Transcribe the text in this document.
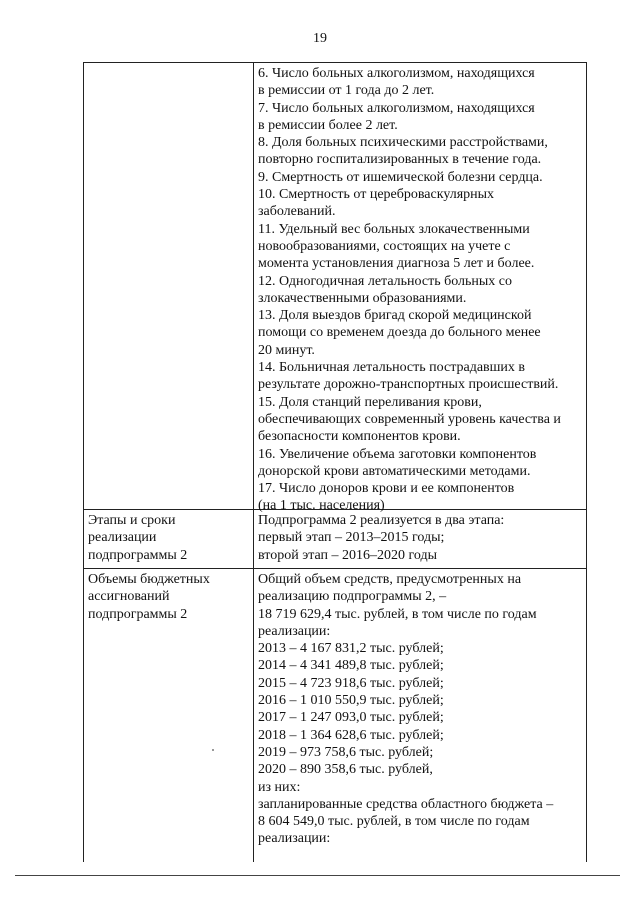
19
6. Число больных алкоголизмом, находящихся
в ремиссии от 1 года до 2 лет.
7. Число больных алкоголизмом, находящихся
в ремиссии более 2 лет.
8. Доля больных психическими расстройствами,
повторно госпитализированных в течение года.
9. Смертность от ишемической болезни сердца.
10. Смертность от цереброваскулярных
заболеваний.
11. Удельный вес больных злокачественными
новообразованиями, состоящих на учете с
момента установления диагноза 5 лет и более.
12. Одногодичная летальность больных со
злокачественными образованиями.
13. Доля выездов бригад скорой медицинской
помощи со временем доезда до больного менее
20 минут.
14. Больничная летальность пострадавших в
результате дорожно-транспортных происшествий.
15. Доля станций переливания крови,
обеспечивающих современный уровень качества и
безопасности компонентов крови.
16. Увеличение объема заготовки компонентов
донорской крови автоматическими методами.
17. Число доноров крови и ее компонентов
(на 1 тыс. населения)
Этапы и сроки
реализации
подпрограммы 2
Подпрограмма 2 реализуется в два этапа:
первый этап – 2013–2015 годы;
второй этап – 2016–2020 годы
Объемы бюджетных
ассигнований
подпрограммы 2
Общий объем средств, предусмотренных на
реализацию подпрограммы 2, –
18 719 629,4 тыс. рублей, в том числе по годам
реализации:
2013 – 4 167 831,2 тыс. рублей;
2014 – 4 341 489,8 тыс. рублей;
2015 – 4 723 918,6 тыс. рублей;
2016 – 1 010 550,9 тыс. рублей;
2017 – 1 247 093,0 тыс. рублей;
2018 – 1 364 628,6 тыс. рублей;
2019 – 973 758,6 тыс. рублей;
2020 – 890 358,6 тыс. рублей,
из них:
запланированные средства областного бюджета –
8 604 549,0 тыс. рублей, в том числе по годам
реализации:
